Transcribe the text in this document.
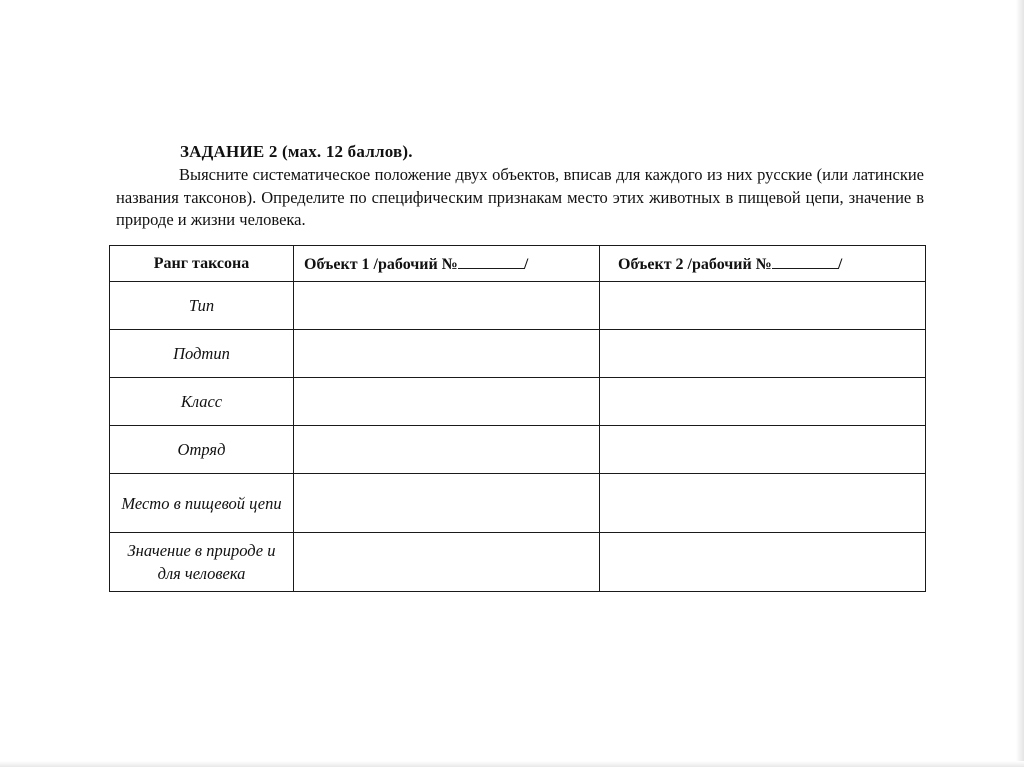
ЗАДАНИЕ 2 (мах. 12 баллов).
Выясните систематическое положение двух объектов, вписав для каждого из них русские (или латинские названия таксонов). Определите по специфическим признакам место этих животных в пищевой цепи, значение в природе и жизни человека.
Ранг таксона	Объект 1 /рабочий № /	Объект 2 /рабочий № /
Тип		
Подтип		
Класс		
Отряд		
Место в пищевой цепи		
Значение в природе и для человека		
